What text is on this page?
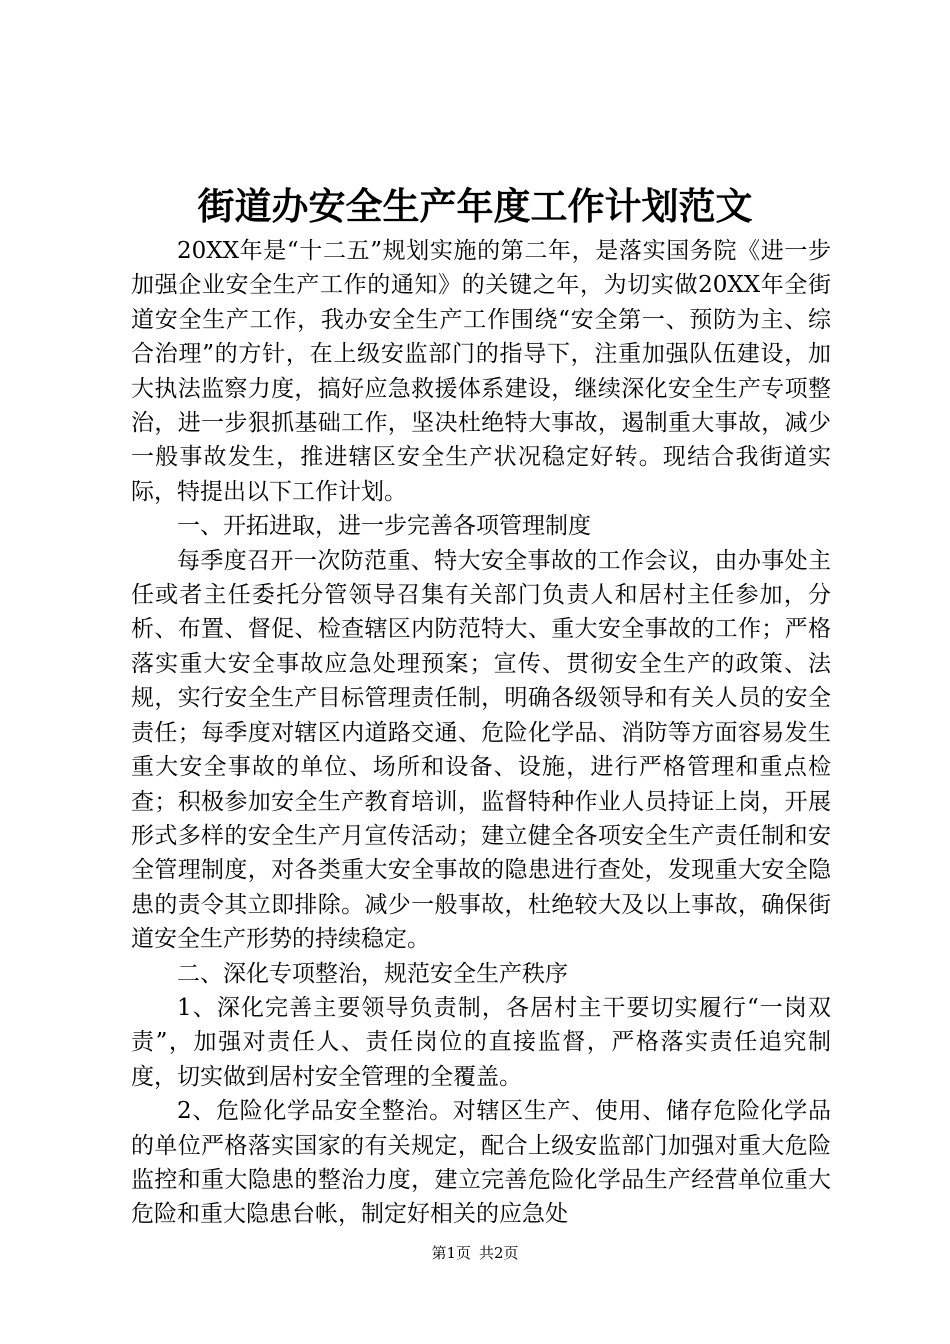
街道办安全生产年度工作计划范文

20XX年是“十二五”规划实施的第二年，是落实国务院《进一步加强企业安全生产工作的通知》的关键之年，为切实做20XX年全街道安全生产工作，我办安全生产工作围绕“安全第一、预防为主、综合治理”的方针，在上级安监部门的指导下，注重加强队伍建设，加大执法监察力度，搞好应急救援体系建设，继续深化安全生产专项整治，进一步狠抓基础工作，坚决杜绝特大事故，遏制重大事故，减少一般事故发生，推进辖区安全生产状况稳定好转。现结合我街道实际，特提出以下工作计划。

一、开拓进取，进一步完善各项管理制度

每季度召开一次防范重、特大安全事故的工作会议，由办事处主任或者主任委托分管领导召集有关部门负责人和居村主任参加，分析、布置、督促、检查辖区内防范特大、重大安全事故的工作；严格落实重大安全事故应急处理预案；宣传、贯彻安全生产的政策、法规，实行安全生产目标管理责任制，明确各级领导和有关人员的安全责任；每季度对辖区内道路交通、危险化学品、消防等方面容易发生重大安全事故的单位、场所和设备、设施，进行严格管理和重点检查；积极参加安全生产教育培训，监督特种作业人员持证上岗，开展形式多样的安全生产月宣传活动；建立健全各项安全生产责任制和安全管理制度，对各类重大安全事故的隐患进行查处，发现重大安全隐患的责令其立即排除。减少一般事故，杜绝较大及以上事故，确保街道安全生产形势的持续稳定。

二、深化专项整治，规范安全生产秩序

1、深化完善主要领导负责制，各居村主干要切实履行“一岗双责”，加强对责任人、责任岗位的直接监督，严格落实责任追究制度，切实做到居村安全管理的全覆盖。

2、危险化学品安全整治。对辖区生产、使用、储存危险化学品的单位严格落实国家的有关规定，配合上级安监部门加强对重大危险监控和重大隐患的整治力度，建立完善危险化学品生产经营单位重大危险和重大隐患台帐，制定好相关的应急处

第1页 共2页
